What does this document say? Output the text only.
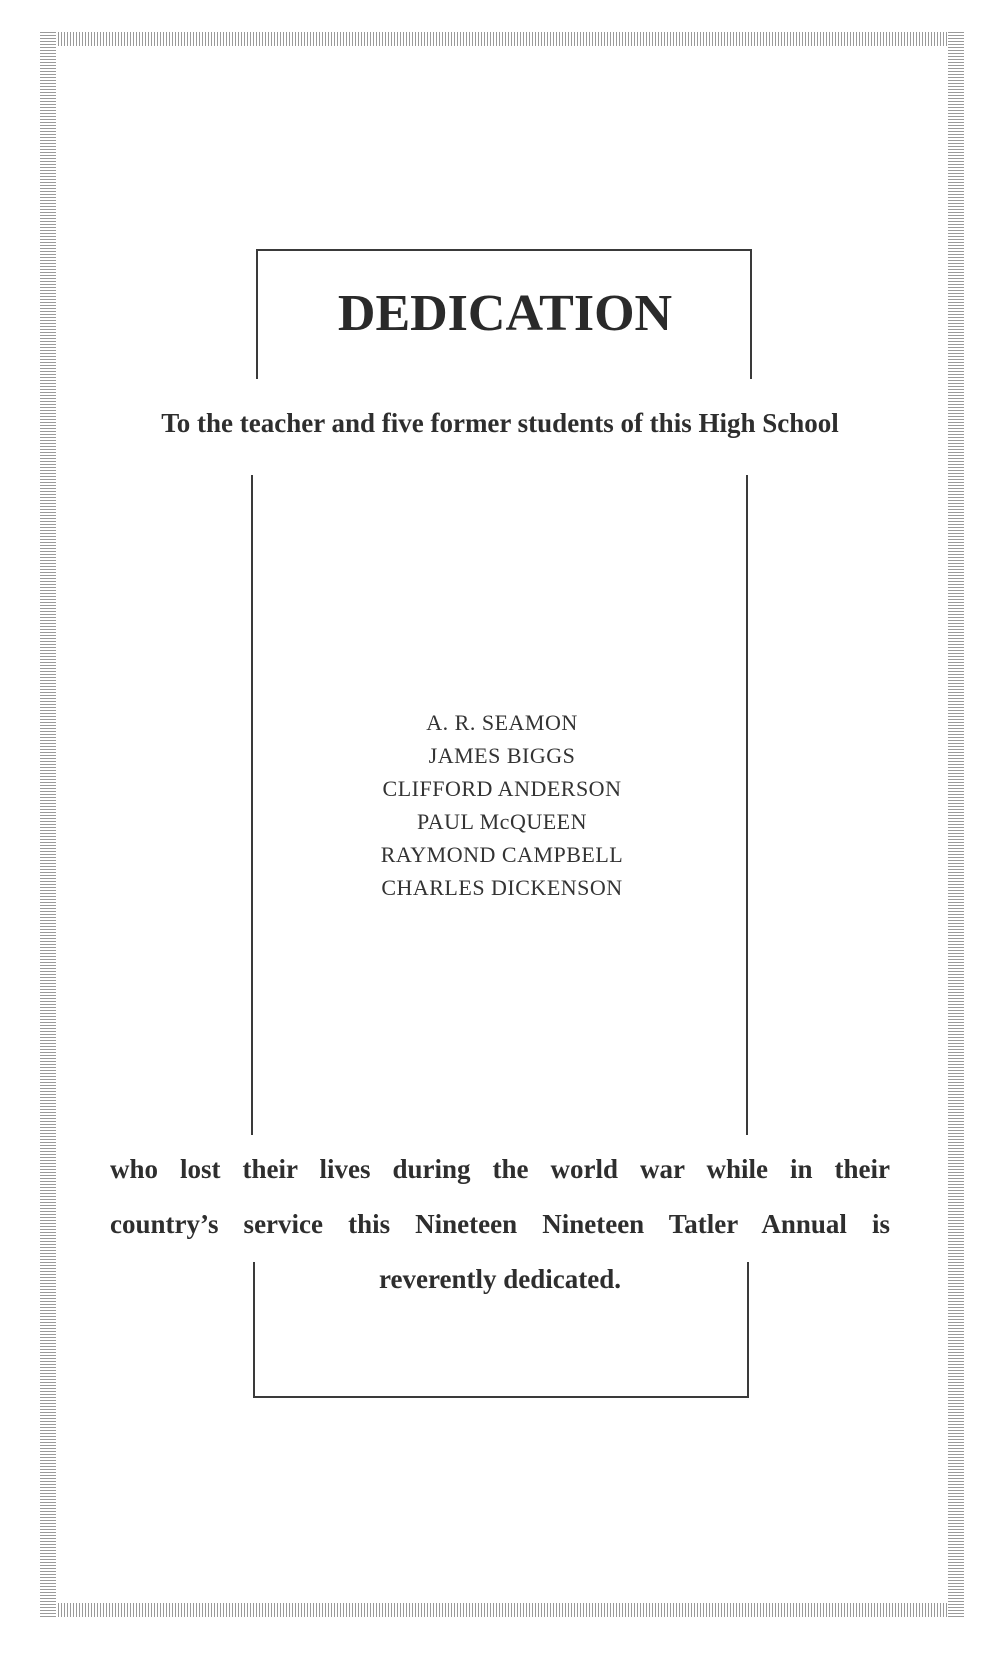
DEDICATION

To the teacher and five former students of this High School

A. R. SEAMON
JAMES BIGGS
CLIFFORD ANDERSON
PAUL McQUEEN
RAYMOND CAMPBELL
CHARLES DICKENSON

who lost their lives during the world war while in their
country’s service this Nineteen Nineteen Tatler Annual is
reverently dedicated.
